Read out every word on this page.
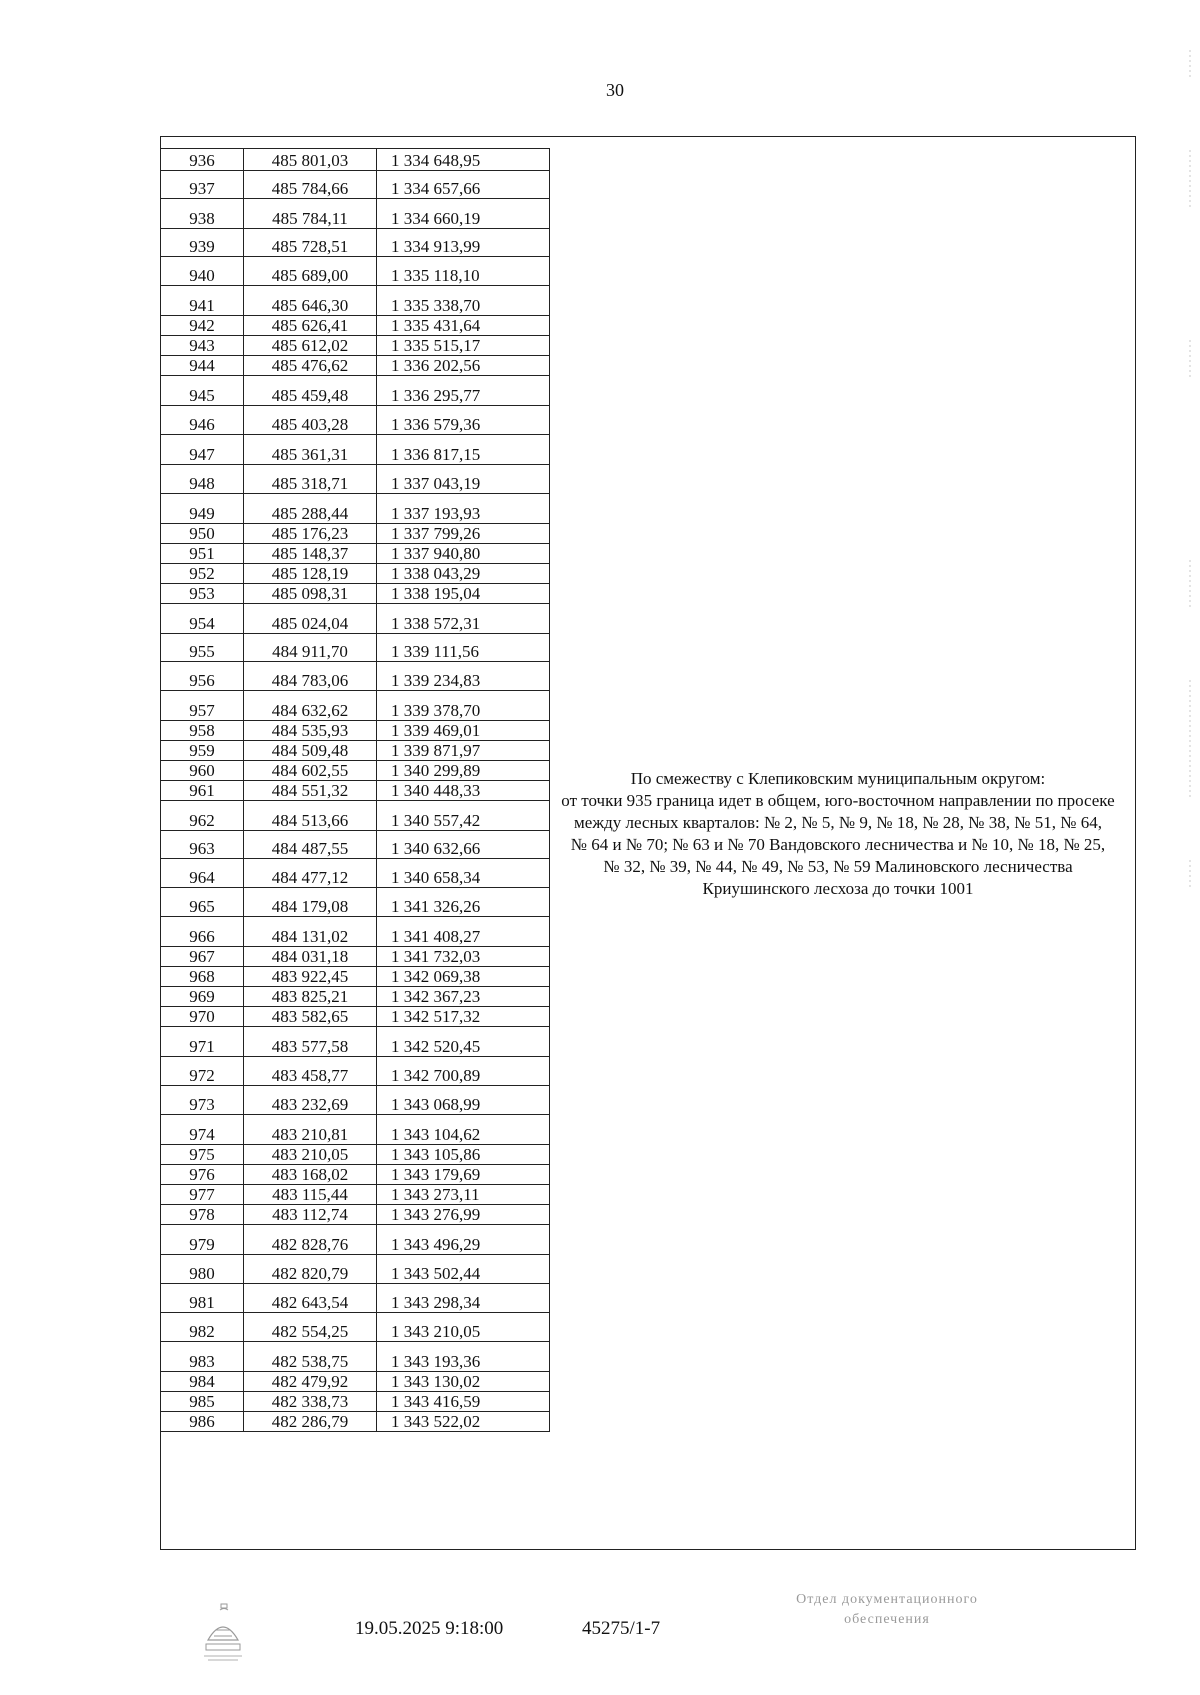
30
936	485 801,03	1 334 648,95
937	485 784,66	1 334 657,66
938	485 784,11	1 334 660,19
939	485 728,51	1 334 913,99
940	485 689,00	1 335 118,10
941	485 646,30	1 335 338,70
942	485 626,41	1 335 431,64
943	485 612,02	1 335 515,17
944	485 476,62	1 336 202,56
945	485 459,48	1 336 295,77
946	485 403,28	1 336 579,36
947	485 361,31	1 336 817,15
948	485 318,71	1 337 043,19
949	485 288,44	1 337 193,93
950	485 176,23	1 337 799,26
951	485 148,37	1 337 940,80
952	485 128,19	1 338 043,29
953	485 098,31	1 338 195,04
954	485 024,04	1 338 572,31
955	484 911,70	1 339 111,56
956	484 783,06	1 339 234,83
957	484 632,62	1 339 378,70
958	484 535,93	1 339 469,01
959	484 509,48	1 339 871,97
960	484 602,55	1 340 299,89
961	484 551,32	1 340 448,33
962	484 513,66	1 340 557,42
963	484 487,55	1 340 632,66
964	484 477,12	1 340 658,34
965	484 179,08	1 341 326,26
966	484 131,02	1 341 408,27
967	484 031,18	1 341 732,03
968	483 922,45	1 342 069,38
969	483 825,21	1 342 367,23
970	483 582,65	1 342 517,32
971	483 577,58	1 342 520,45
972	483 458,77	1 342 700,89
973	483 232,69	1 343 068,99
974	483 210,81	1 343 104,62
975	483 210,05	1 343 105,86
976	483 168,02	1 343 179,69
977	483 115,44	1 343 273,11
978	483 112,74	1 343 276,99
979	482 828,76	1 343 496,29
980	482 820,79	1 343 502,44
981	482 643,54	1 343 298,34
982	482 554,25	1 343 210,05
983	482 538,75	1 343 193,36
984	482 479,92	1 343 130,02
985	482 338,73	1 343 416,59
986	482 286,79	1 343 522,02
По смежеству с Клепиковским муниципальным округом:
от точки 935 граница идет в общем, юго-восточном направлении по просеке
между лесных кварталов: № 2, № 5, № 9, № 18, № 28, № 38, № 51, № 64,
№ 64 и № 70; № 63 и № 70 Вандовского лесничества и № 10, № 18, № 25,
№ 32, № 39, № 44, № 49, № 53, № 59 Малиновского лесничества
Криушинского лесхоза до точки 1001
19.05.2025 9:18:00	45275/1-7
Отдел документационного
обеспечения
